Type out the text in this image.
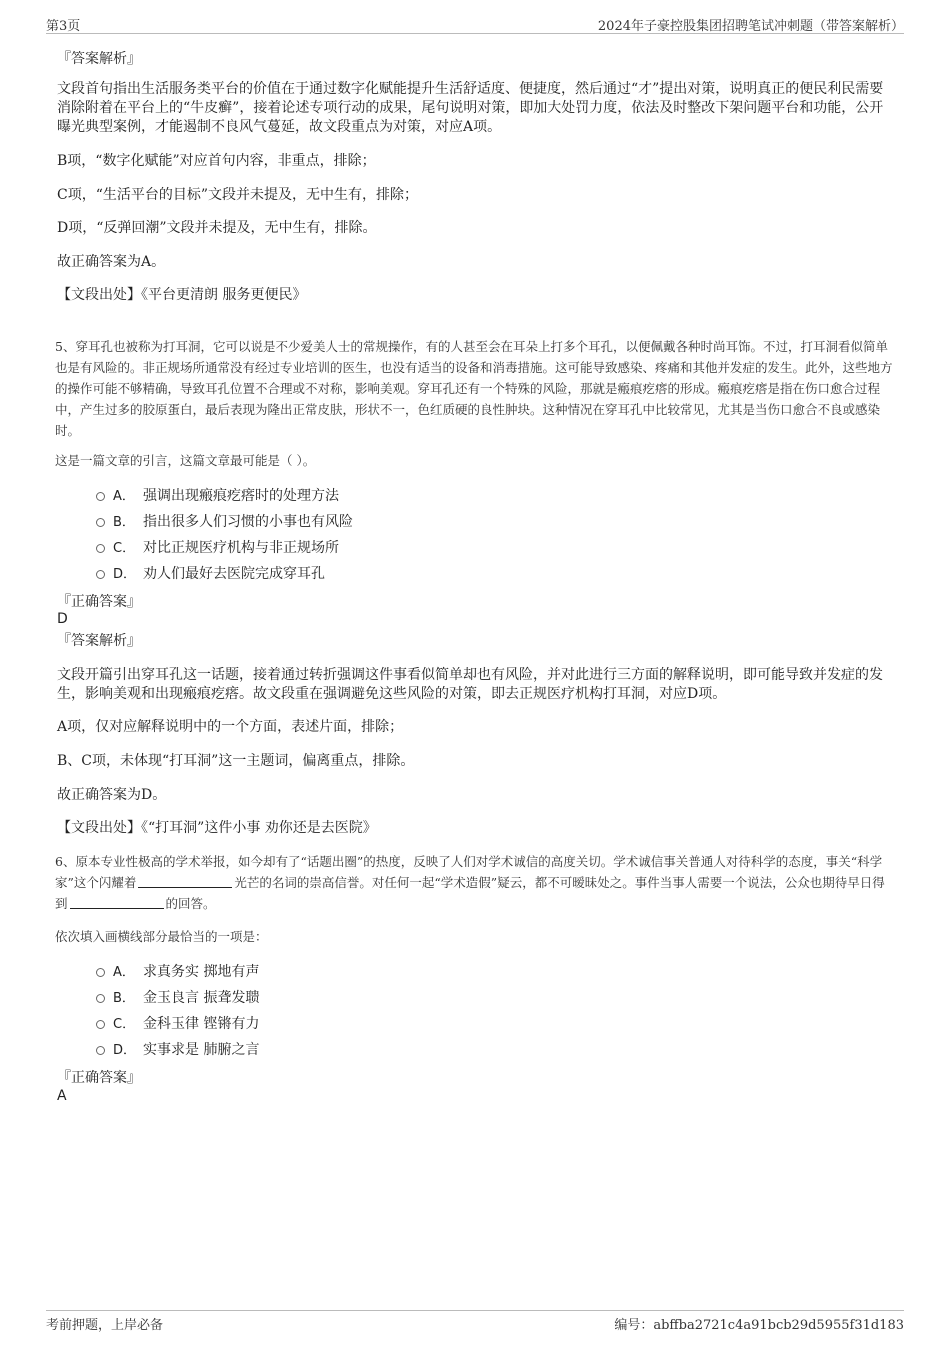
第3页	2024年子豪控股集团招聘笔试冲刺题（带答案解析）
『答案解析』
文段首句指出生活服务类平台的价值在于通过数字化赋能提升生活舒适度、便捷度，然后通过“才”提出对策，说明真正的便民利民需要消除附着在平台上的“牛皮癣”，接着论述专项行动的成果，尾句说明对策，即加大处罚力度，依法及时整改下架问题平台和功能，公开曝光典型案例，才能遏制不良风气蔓延，故文段重点为对策，对应A项。
B项，“数字化赋能”对应首句内容，非重点，排除；
C项，“生活平台的目标”文段并未提及，无中生有，排除；
D项，“反弹回潮”文段并未提及，无中生有，排除。
故正确答案为A。
【文段出处】《平台更清朗 服务更便民》
5、穿耳孔也被称为打耳洞，它可以说是不少爱美人士的常规操作，有的人甚至会在耳朵上打多个耳孔，以便佩戴各种时尚耳饰。不过，打耳洞看似简单也是有风险的。非正规场所通常没有经过专业培训的医生，也没有适当的设备和消毒措施。这可能导致感染、疼痛和其他并发症的发生。此外，这些地方的操作可能不够精确，导致耳孔位置不合理或不对称，影响美观。穿耳孔还有一个特殊的风险，那就是瘢痕疙瘩的形成。瘢痕疙瘩是指在伤口愈合过程中，产生过多的胶原蛋白，最后表现为隆出正常皮肤，形状不一，色红质硬的良性肿块。这种情况在穿耳孔中比较常见，尤其是当伤口愈合不良或感染时。
这是一篇文章的引言，这篇文章最可能是（ ）。
A． 强调出现瘢痕疙瘩时的处理方法
B． 指出很多人们习惯的小事也有风险
C． 对比正规医疗机构与非正规场所
D． 劝人们最好去医院完成穿耳孔
『正确答案』
D
『答案解析』
文段开篇引出穿耳孔这一话题，接着通过转折强调这件事看似简单却也有风险，并对此进行三方面的解释说明，即可能导致并发症的发生，影响美观和出现瘢痕疙瘩。故文段重在强调避免这些风险的对策，即去正规医疗机构打耳洞，对应D项。
A项，仅对应解释说明中的一个方面，表述片面，排除；
B、C项，未体现“打耳洞”这一主题词，偏离重点，排除。
故正确答案为D。
【文段出处】《“打耳洞”这件小事 劝你还是去医院》
6、原本专业性极高的学术举报，如今却有了“话题出圈”的热度，反映了人们对学术诚信的高度关切。学术诚信事关普通人对待科学的态度，事关“科学家”这个闪耀着	光芒的名词的崇高信誉。对任何一起“学术造假”疑云，都不可暧昧处之。事件当事人需要一个说法，公众也期待早日得到	的回答。
依次填入画横线部分最恰当的一项是：
A． 求真务实 掷地有声
B． 金玉良言 振聋发聩
C． 金科玉律 铿锵有力
D． 实事求是 肺腑之言
『正确答案』
A
考前押题，上岸必备	编号：abffba2721c4a91bcb29d5955f31d183
